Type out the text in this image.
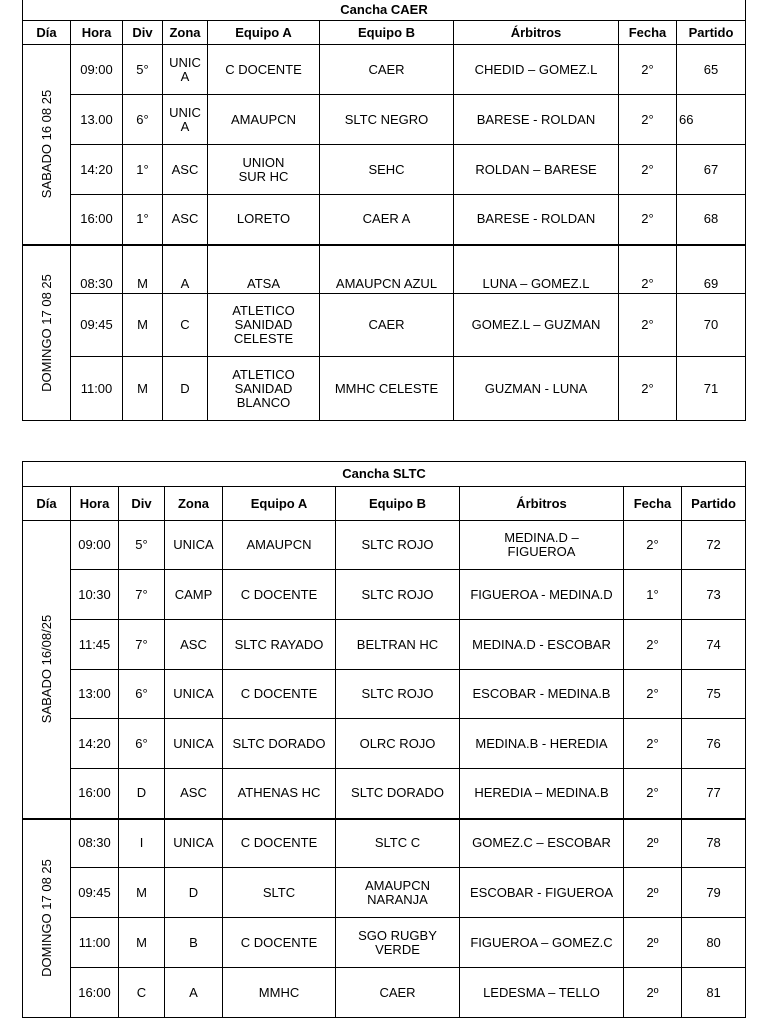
Cancha CAER								
Día	Hora	Div	Zona	Equipo A	Equipo B	Árbitros	Fecha	Partido

SABADO 16 08 25	09:00	5°	UNIC A	C DOCENTE	CAER	CHEDID – GOMEZ.L	2°	65
	13.00	6°	UNIC A	AMAUPCN	SLTC NEGRO	BARESE - ROLDAN	2°	66
	14:20	1°	ASC	UNION SUR HC	SEHC	ROLDAN – BARESE	2°	67
	16:00	1°	ASC	LORETO	CAER A	BARESE - ROLDAN	2°	68

DOMINGO 17 08 25	08:30	M	A	ATSA	AMAUPCN AZUL	LUNA – GOMEZ.L	2°	69
	09:45	M	C	ATLETICO SANIDAD CELESTE	CAER	GOMEZ.L – GUZMAN	2°	70
	11:00	M	D	ATLETICO SANIDAD BLANCO	MMHC CELESTE	GUZMAN - LUNA	2°	71
Cancha SLTC								
Día	Hora	Div	Zona	Equipo A	Equipo B	Árbitros	Fecha	Partido

SABADO 16/08/25	09:00	5°	UNICA	AMAUPCN	SLTC ROJO	MEDINA.D – FIGUEROA	2°	72
	10:30	7°	CAMP	C DOCENTE	SLTC ROJO	FIGUEROA - MEDINA.D	1°	73
	11:45	7°	ASC	SLTC RAYADO	BELTRAN HC	MEDINA.D - ESCOBAR	2°	74
	13:00	6°	UNICA	C DOCENTE	SLTC ROJO	ESCOBAR - MEDINA.B	2°	75
	14:20	6°	UNICA	SLTC DORADO	OLRC ROJO	MEDINA.B - HEREDIA	2°	76
	16:00	D	ASC	ATHENAS HC	SLTC DORADO	HEREDIA – MEDINA.B	2°	77

DOMINGO 17 08 25	08:30	I	UNICA	C DOCENTE	SLTC C	GOMEZ.C – ESCOBAR	2º	78
	09:45	M	D	SLTC	AMAUPCN NARANJA	ESCOBAR - FIGUEROA	2º	79
	11:00	M	B	C DOCENTE	SGO RUGBY VERDE	FIGUEROA – GOMEZ.C	2º	80
	16:00	C	A	MMHC	CAER	LEDESMA – TELLO	2º	81
